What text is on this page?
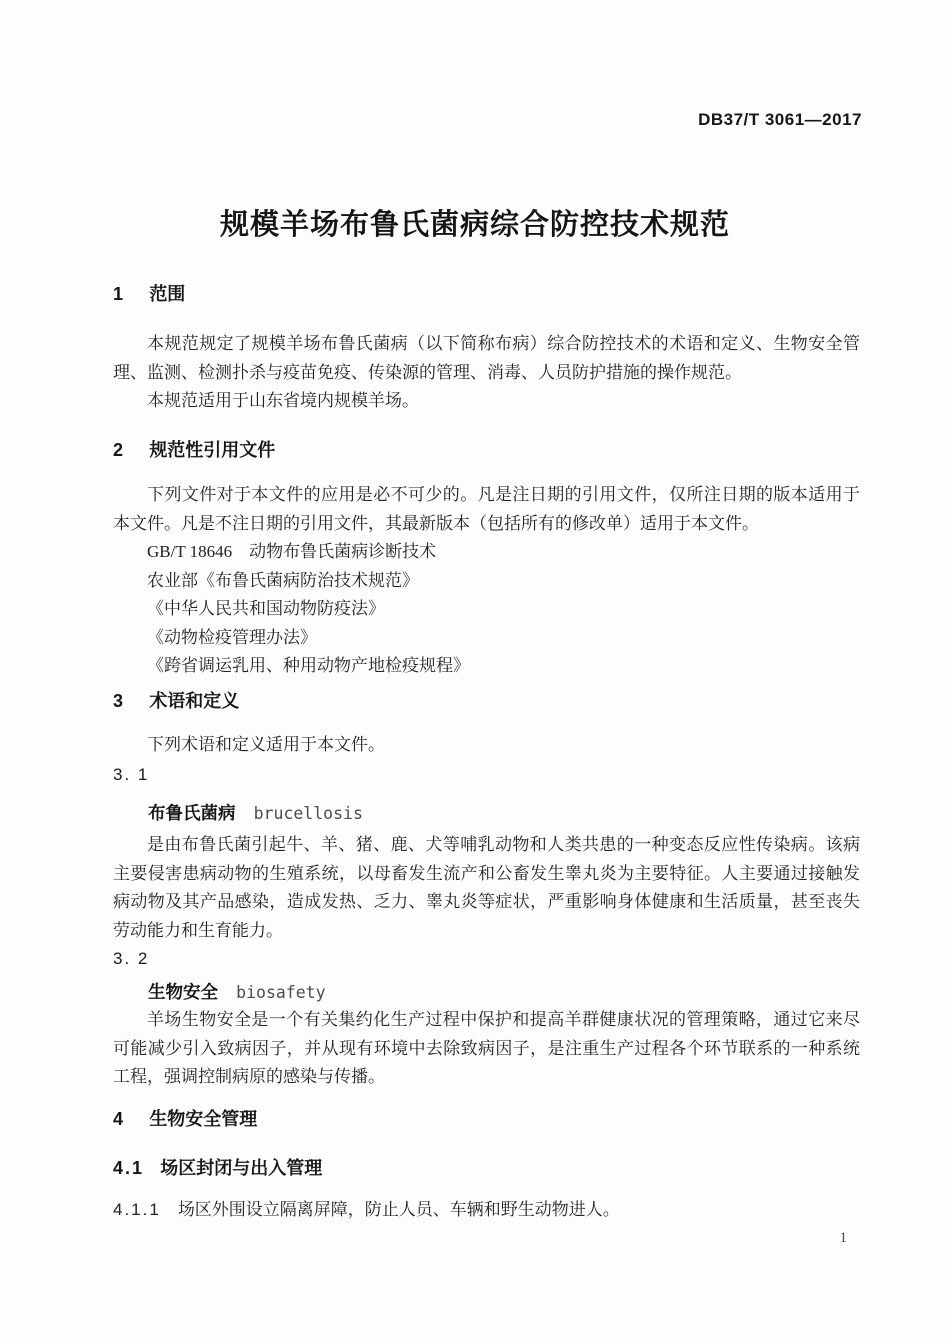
DB37/T 3061—2017
规模羊场布鲁氏菌病综合防控技术规范
1 范围

本规范规定了规模羊场布鲁氏菌病（以下简称布病）综合防控技术的术语和定义、生物安全管理、监测、检测扑杀与疫苗免疫、传染源的管理、消毒、人员防护措施的操作规范。

本规范适用于山东省境内规模羊场。

2 规范性引用文件

下列文件对于本文件的应用是必不可少的。凡是注日期的引用文件，仅所注日期的版本适用于本文件。凡是不注日期的引用文件，其最新版本（包括所有的修改单）适用于本文件。

GB/T 18646　动物布鲁氏菌病诊断技术
农业部《布鲁氏菌病防治技术规范》
《中华人民共和国动物防疫法》
《动物检疫管理办法》
《跨省调运乳用、种用动物产地检疫规程》
3 术语和定义

下列术语和定义适用于本文件。

3. 1
布鲁氏菌病 brucellosis

是由布鲁氏菌引起牛、羊、猪、鹿、犬等哺乳动物和人类共患的一种变态反应性传染病。该病主要侵害患病动物的生殖系统，以母畜发生流产和公畜发生睾丸炎为主要特征。人主要通过接触发病动物及其产品感染，造成发热、乏力、睾丸炎等症状，严重影响身体健康和生活质量，甚至丧失劳动能力和生育能力。

3. 2
生物安全 biosafety

羊场生物安全是一个有关集约化生产过程中保护和提高羊群健康状况的管理策略，通过它来尽可能减少引入致病因子，并从现有环境中去除致病因子，是注重生产过程各个环节联系的一种系统工程，强调控制病原的感染与传播。

4 生物安全管理
4.1 场区封闭与出入管理
4.1.1 场区外围设立隔离屏障，防止人员、车辆和野生动物进人。
1
